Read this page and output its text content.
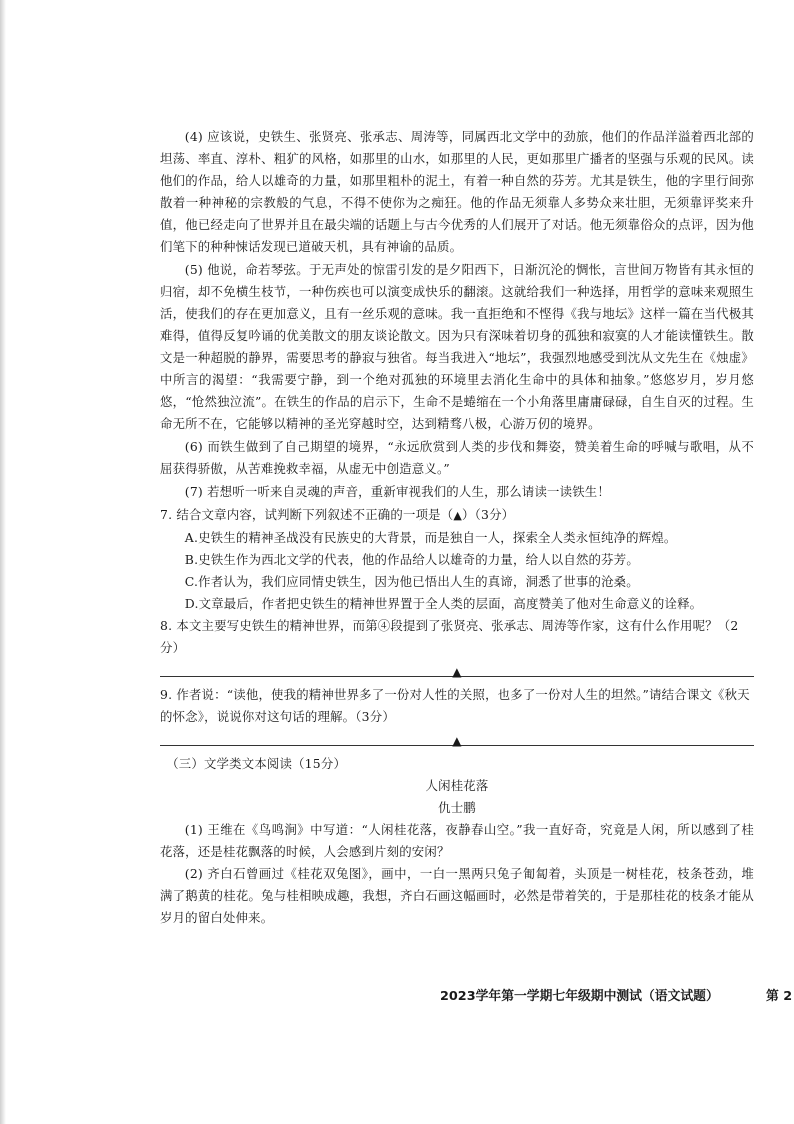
(4) 应该说，史铁生、张贤亮、张承志、周涛等，同属西北文学中的劲旅，他们的作品洋溢着西北部的坦荡、率直、淳朴、粗犷的风格，如那里的山水，如那里的人民，更如那里广播者的坚强与乐观的民风。读他们的作品，给人以雄奇的力量，如那里粗朴的泥土，有着一种自然的芬芳。尤其是铁生，他的字里行间弥散着一种神秘的宗教般的气息，不得不使你为之痴狂。他的作品无须靠人多势众来壮胆，无须靠评奖来升值，他已经走向了世界并且在最尖端的话题上与古今优秀的人们展开了对话。他无须靠俗众的点评，因为他们笔下的种种悚话发现已道破天机，具有神谕的品质。

(5) 他说，命若琴弦。于无声处的惊雷引发的是夕阳西下，日渐沉沦的惆怅，言世间万物皆有其永恒的归宿，却不免横生枝节，一种伤疾也可以演变成快乐的翻滚。这就给我们一种选择，用哲学的意味来观照生活，使我们的存在更加意义，且有一丝乐观的意味。我一直拒绝和不悭得《我与地坛》这样一篇在当代极其难得，值得反复吟诵的优美散文的朋友谈论散文。因为只有深味着切身的孤独和寂寞的人才能读懂铁生。散文是一种超脱的静界，需要思考的静寂与独省。每当我进入“地坛”，我强烈地感受到沈从文先生在《烛虚》中所言的渴望：“我需要宁静，到一个绝对孤独的环境里去消化生命中的具体和抽象。”悠悠岁月，岁月悠悠，“怆然独泣流”。在铁生的作品的启示下，生命不是蜷缩在一个小角落里庸庸碌碌，自生自灭的过程。生命无所不在，它能够以精神的圣光穿越时空，达到精骛八极，心游万仞的境界。

(6) 而铁生做到了自己期望的境界，“永远欣赏到人类的步伐和舞姿，赞美着生命的呼喊与歌唱，从不屈获得骄傲，从苦难挽救幸福，从虚无中创造意义。”

(7) 若想听一听来自灵魂的声音，重新审视我们的人生，那么请读一读铁生！

7. 结合文章内容，试判断下列叙述不正确的一项是（▲）（3分）

A.史铁生的精神圣战没有民族史的大背景，而是独自一人，探索全人类永恒纯净的辉煌。

B.史铁生作为西北文学的代表，他的作品给人以雄奇的力量，给人以自然的芬芳。

C.作者认为，我们应同情史铁生，因为他已悟出人生的真谛，洞悉了世事的沧桑。

D.文章最后，作者把史铁生的精神世界置于全人类的层面，高度赞美了他对生命意义的诠释。

8. 本文主要写史铁生的精神世界，而第④段提到了张贤亮、张承志、周涛等作家，这有什么作用呢？（2分）

▲

9. 作者说：“读他，使我的精神世界多了一份对人性的关照，也多了一份对人生的坦然。”请结合课文《秋天的怀念》，说说你对这句话的理解。（3分）

▲

（三）文学类文本阅读（15分）

人闲桂花落

仇士鹏

(1) 王维在《鸟鸣涧》中写道：“人闲桂花落，夜静春山空。”我一直好奇，究竟是人闲，所以感到了桂花落，还是桂花飘落的时候，人会感到片刻的安闲？

(2) 齐白石曾画过《桂花双兔图》，画中，一白一黑两只兔子匍匐着，头顶是一树桂花，枝条苍劲，堆满了鹅黄的桂花。兔与桂相映成趣，我想，齐白石画这幅画时，必然是带着笑的，于是那桂花的枝条才能从岁月的留白处伸来。

2023学年第一学期七年级期中测试（语文试题）	第 2
